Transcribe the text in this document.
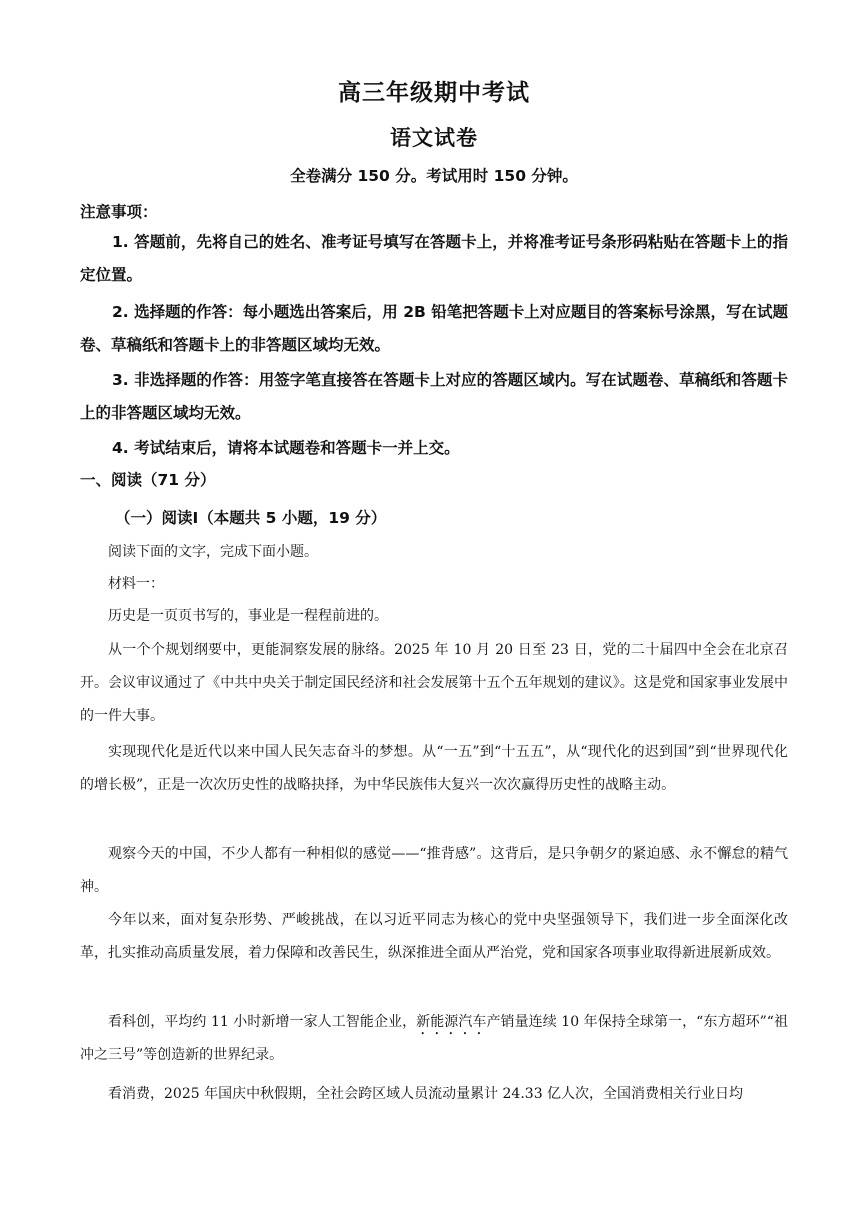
高三年级期中考试
语文试卷
全卷满分 150 分。考试用时 150 分钟。
注意事项：
1. 答题前，先将自己的姓名、准考证号填写在答题卡上，并将准考证号条形码粘贴在答题卡上的指定位置。
2. 选择题的作答：每小题选出答案后，用 2B 铅笔把答题卡上对应题目的答案标号涂黑，写在试题卷、草稿纸和答题卡上的非答题区域均无效。
3. 非选择题的作答：用签字笔直接答在答题卡上对应的答题区域内。写在试题卷、草稿纸和答题卡上的非答题区域均无效。
4. 考试结束后，请将本试题卷和答题卡一并上交。
一、阅读（71 分）
（一）阅读Ⅰ（本题共 5 小题，19 分）
阅读下面的文字，完成下面小题。
材料一：
历史是一页页书写的，事业是一程程前进的。
从一个个规划纲要中，更能洞察发展的脉络。2025 年 10 月 20 日至 23 日，党的二十届四中全会在北京召开。会议审议通过了《中共中央关于制定国民经济和社会发展第十五个五年规划的建议》。这是党和国家事业发展中的一件大事。
实现现代化是近代以来中国人民矢志奋斗的梦想。从“一五”到“十五五”，从“现代化的迟到国”到“世界现代化的增长极”，正是一次次历史性的战略抉择，为中华民族伟大复兴一次次赢得历史性的战略主动。
观察今天的中国，不少人都有一种相似的感觉——“推背感”。这背后，是只争朝夕的紧迫感、永不懈怠的精气神。
今年以来，面对复杂形势、严峻挑战，在以习近平同志为核心的党中央坚强领导下，我们进一步全面深化改革，扎实推动高质量发展，着力保障和改善民生，纵深推进全面从严治党，党和国家各项事业取得新进展新成效。
看科创，平均约 11 小时新增一家人工智能企业，新能源汽车产销量连续 10 年保持全球第一，“东方超环”“祖冲之三号”等创造新的世界纪录。
看消费，2025 年国庆中秋假期，全社会跨区域人员流动量累计 24.33 亿人次，全国消费相关行业日均
